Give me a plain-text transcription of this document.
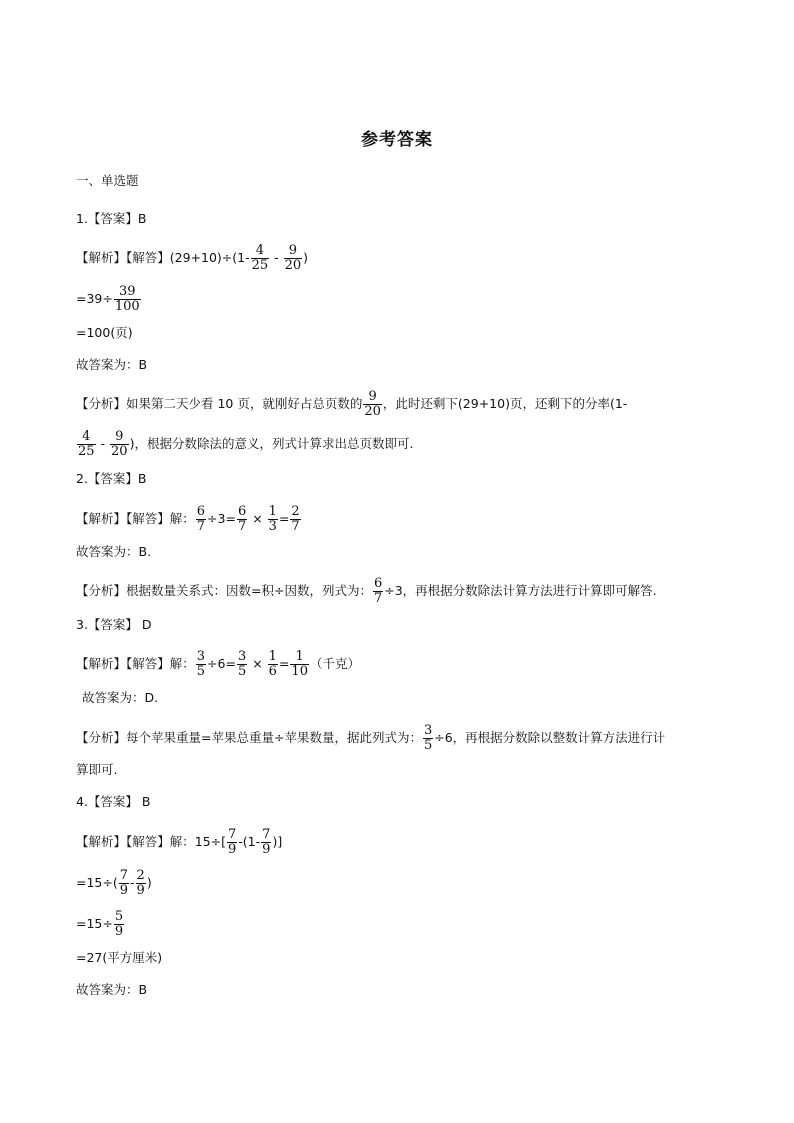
参考答案
一、单选题
1.【答案】B
【解析】【解答】$(29+10)\div(1- \frac{4}{25} - \frac{9}{20}$ )
$=39\div \frac{39}{100}$
=100(页)
故答案为：B
【分析】如果第二天少看 10 页，就刚好占总页数的 $\frac{9}{20}$ ，此时还剩下(29+10)页，还剩下的分率(1-
$\frac{4}{25} - \frac{9}{20}$ )，根据分数除法的意义，列式计算求出总页数即可.
2.【答案】B
【解析】【解答】解： $\frac{6}{7} \div 3= \frac{6}{7} \times \frac{1}{3} = \frac{2}{7}$
故答案为：B.
【分析】根据数量关系式：因数=积÷因数，列式为： $\frac{6}{7} \div 3$，再根据分数除法计算方法进行计算即可解答.
3.【答案】 D
【解析】【解答】解： $\frac{3}{5} \div 6= \frac{3}{5} \times \frac{1}{6} = \frac{1}{10}$ （千克）
故答案为：D.
【分析】每个苹果重量=苹果总重量÷苹果数量，据此列式为： $\frac{3}{5} \div 6$，再根据分数除以整数计算方法进行计
算即可.
4.【答案】 B
【解析】【解答】解：$15\div[ \frac{7}{9} -(1- \frac{7}{9}$ )]
$=15\div( \frac{7}{9} - \frac{2}{9}$ )
$=15\div \frac{5}{9}$
=27(平方厘米)
故答案为：B
